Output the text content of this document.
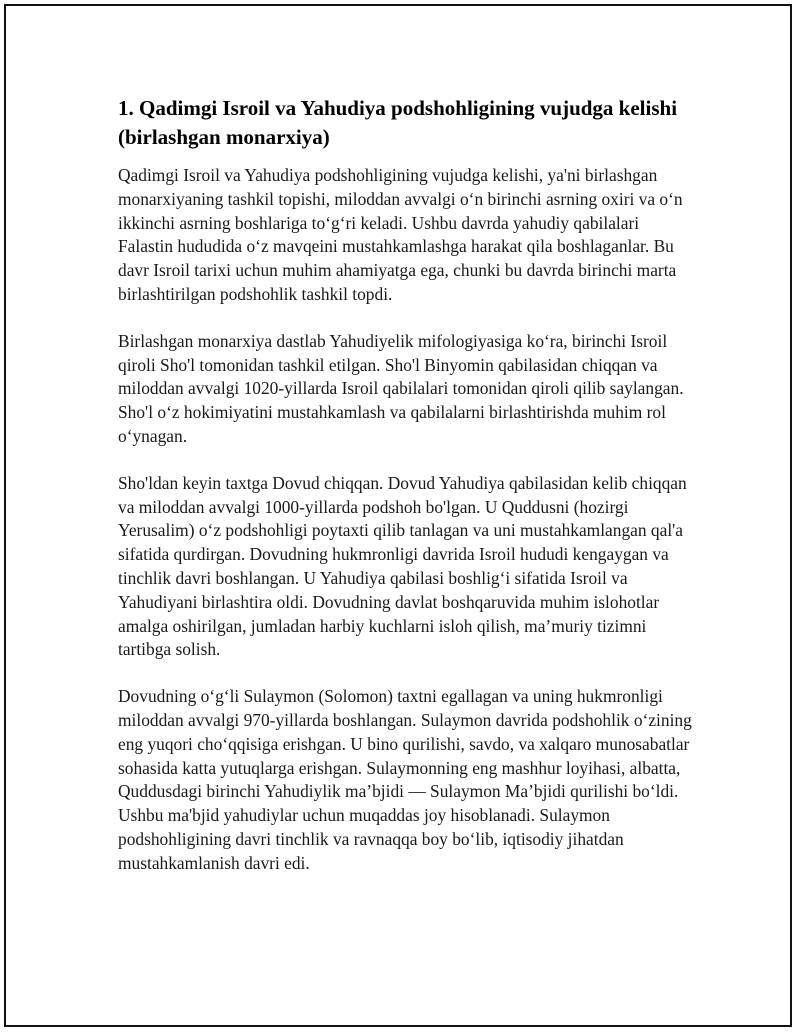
1. Qadimgi Isroil va Yahudiya podshohligining vujudga kelishi (birlashgan monarxiya)

Qadimgi Isroil va Yahudiya podshohligining vujudga kelishi, ya'ni birlashgan monarxiyaning tashkil topishi, miloddan avvalgi o‘n birinchi asrning oxiri va o‘n ikkinchi asrning boshlariga to‘g‘ri keladi. Ushbu davrda yahudiy qabilalari Falastin hududida o‘z mavqeini mustahkamlashga harakat qila boshlaganlar. Bu davr Isroil tarixi uchun muhim ahamiyatga ega, chunki bu davrda birinchi marta birlashtirilgan podshohlik tashkil topdi.

Birlashgan monarxiya dastlab Yahudiyelik mifologiyasiga ko‘ra, birinchi Isroil qiroli Sho'l tomonidan tashkil etilgan. Sho'l Binyomin qabilasidan chiqqan va miloddan avvalgi 1020-yillarda Isroil qabilalari tomonidan qiroli qilib saylangan. Sho'l o‘z hokimiyatini mustahkamlash va qabilalarni birlashtirishda muhim rol o‘ynagan.

Sho'ldan keyin taxtga Dovud chiqqan. Dovud Yahudiya qabilasidan kelib chiqqan va miloddan avvalgi 1000-yillarda podshoh bo'lgan. U Quddusni (hozirgi Yerusalim) o‘z podshohligi poytaxti qilib tanlagan va uni mustahkamlangan qal'a sifatida qurdirgan. Dovudning hukmronligi davrida Isroil hududi kengaygan va tinchlik davri boshlangan. U Yahudiya qabilasi boshlig‘i sifatida Isroil va Yahudiyani birlashtira oldi. Dovudning davlat boshqaruvida muhim islohotlar amalga oshirilgan, jumladan harbiy kuchlarni isloh qilish, ma’muriy tizimni tartibga solish.

Dovudning o‘g‘li Sulaymon (Solomon) taxtni egallagan va uning hukmronligi miloddan avvalgi 970-yillarda boshlangan. Sulaymon davrida podshohlik o‘zining eng yuqori cho‘qqisiga erishgan. U bino qurilishi, savdo, va xalqaro munosabatlar sohasida katta yutuqlarga erishgan. Sulaymonning eng mashhur loyihasi, albatta, Quddusdagi birinchi Yahudiylik ma’bjidi — Sulaymon Ma’bjidi qurilishi bo‘ldi. Ushbu ma'bjid yahudiylar uchun muqaddas joy hisoblanadi. Sulaymon podshohligining davri tinchlik va ravnaqqa boy bo‘lib, iqtisodiy jihatdan mustahkamlanish davri edi.
